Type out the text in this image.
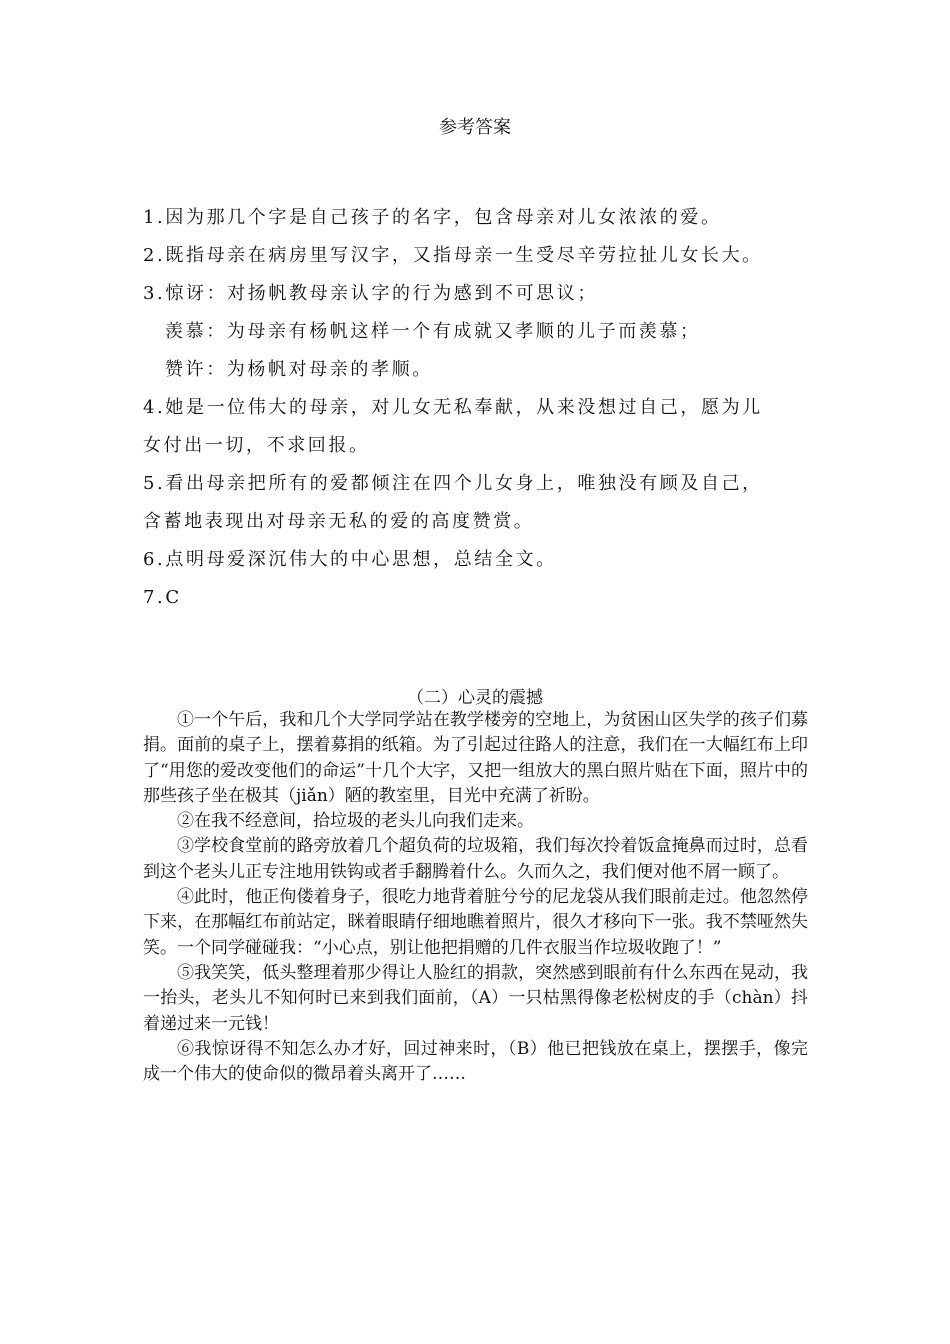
参考答案
1.因为那几个字是自己孩子的名字，包含母亲对儿女浓浓的爱。
2.既指母亲在病房里写汉字，又指母亲一生受尽辛劳拉扯儿女长大。
3.惊讶：对扬帆教母亲认字的行为感到不可思议；
羡慕：为母亲有杨帆这样一个有成就又孝顺的儿子而羡慕；
赞许：为杨帆对母亲的孝顺。
4.她是一位伟大的母亲，对儿女无私奉献，从来没想过自己，愿为儿
女付出一切，不求回报。
5.看出母亲把所有的爱都倾注在四个儿女身上，唯独没有顾及自己，
含蓄地表现出对母亲无私的爱的高度赞赏。
6.点明母爱深沉伟大的中心思想，总结全文。
7.C
（二）心灵的震撼

①一个午后，我和几个大学同学站在教学楼旁的空地上，为贫困山区失学的孩子们募捐。面前的桌子上，摆着募捐的纸箱。为了引起过往路人的注意，我们在一大幅红布上印了“用您的爱改变他们的命运”十几个大字，又把一组放大的黑白照片贴在下面，照片中的那些孩子坐在极其（jiǎn）陋的教室里，目光中充满了祈盼。

②在我不经意间，拾垃圾的老头儿向我们走来。

③学校食堂前的路旁放着几个超负荷的垃圾箱，我们每次拎着饭盒掩鼻而过时，总看到这个老头儿正专注地用铁钩或者手翻腾着什么。久而久之，我们便对他不屑一顾了。

④此时，他正佝偻着身子，很吃力地背着脏兮兮的尼龙袋从我们眼前走过。他忽然停下来，在那幅红布前站定，眯着眼睛仔细地瞧着照片，很久才移向下一张。我不禁哑然失笑。一个同学碰碰我：“小心点，别让他把捐赠的几件衣服当作垃圾收跑了！”

⑤我笑笑，低头整理着那少得让人脸红的捐款，突然感到眼前有什么东西在晃动，我一抬头，老头儿不知何时已来到我们面前，（A）一只枯黑得像老松树皮的手（chàn）抖着递过来一元钱！

⑥我惊讶得不知怎么办才好，回过神来时，（B）他已把钱放在桌上，摆摆手，像完成一个伟大的使命似的微昂着头离开了……
